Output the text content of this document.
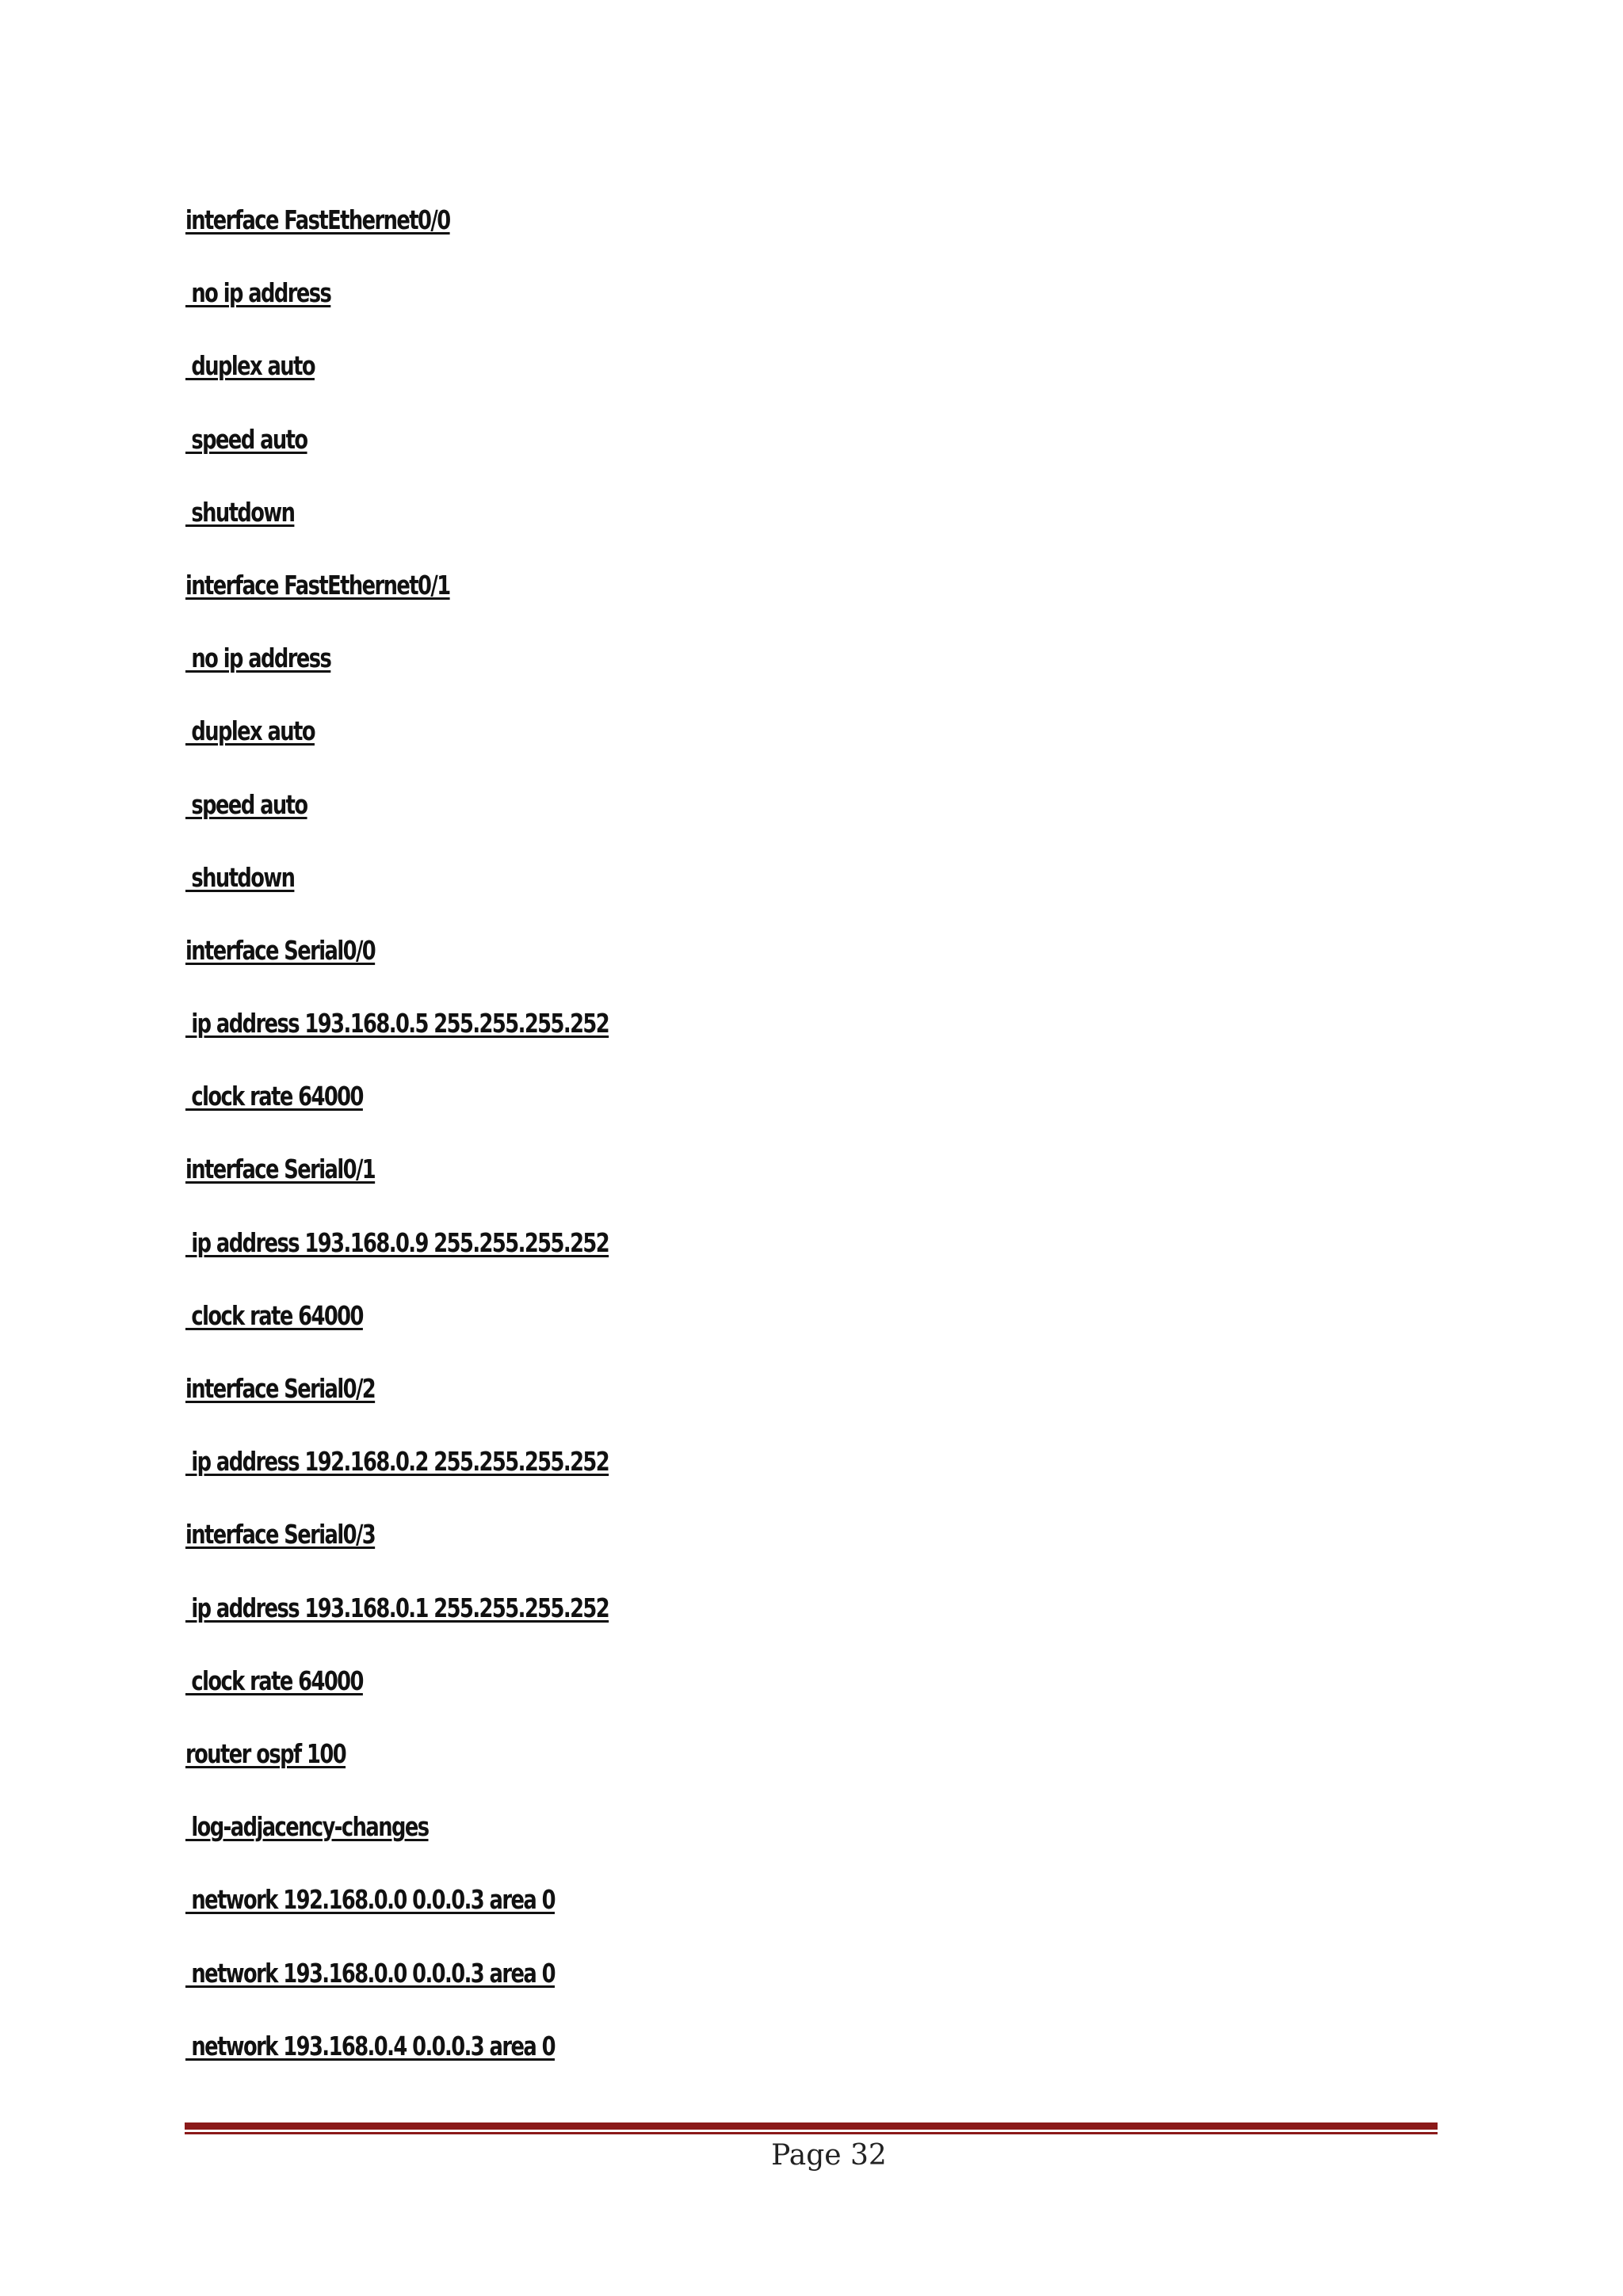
interface FastEthernet0/0
no ip address
duplex auto
speed auto
shutdown
interface FastEthernet0/1
no ip address
duplex auto
speed auto
shutdown
interface Serial0/0
ip address 193.168.0.5 255.255.255.252
clock rate 64000
interface Serial0/1
ip address 193.168.0.9 255.255.255.252
clock rate 64000
interface Serial0/2
ip address 192.168.0.2 255.255.255.252
interface Serial0/3
ip address 193.168.0.1 255.255.255.252
clock rate 64000
router ospf 100
log-adjacency-changes
network 192.168.0.0 0.0.0.3 area 0
network 193.168.0.0 0.0.0.3 area 0
network 193.168.0.4 0.0.0.3 area 0
Page 32
